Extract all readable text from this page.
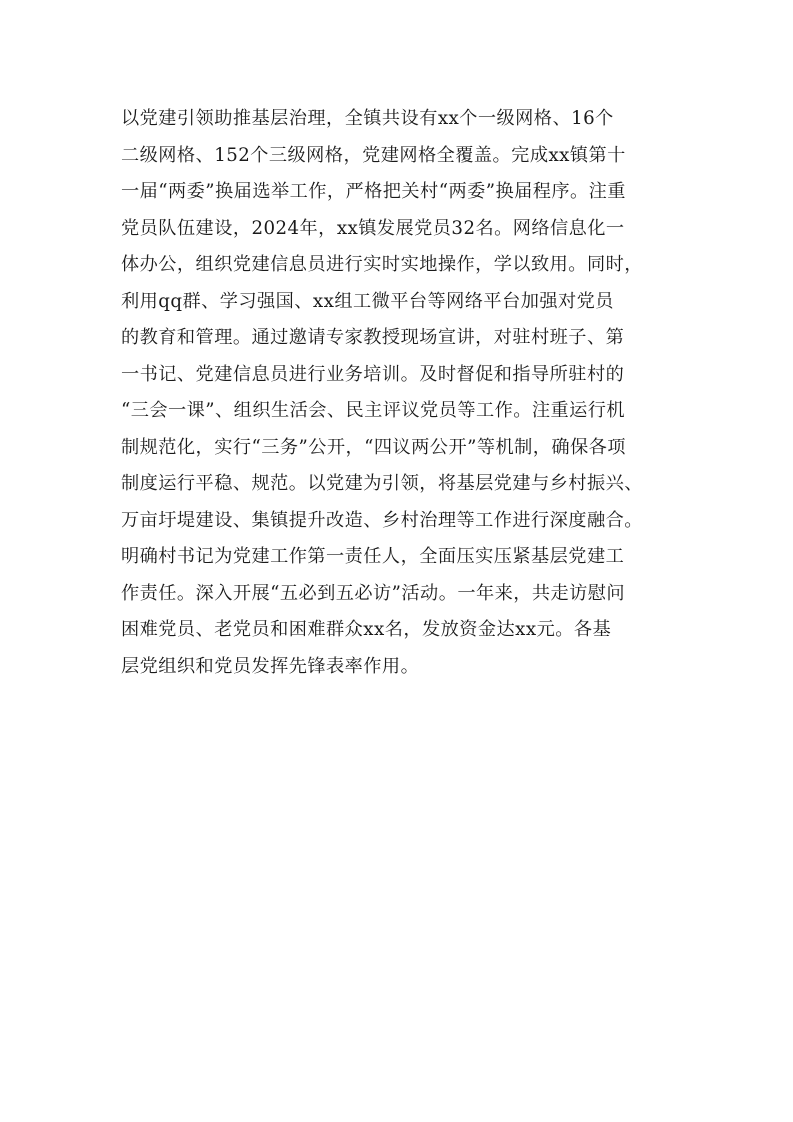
以党建引领助推基层治理，全镇共设有xx个一级网格、16个
二级网格、152个三级网格，党建网格全覆盖。完成xx镇第十
一届“两委”换届选举工作，严格把关村“两委”换届程序。注重
党员队伍建设，2024年，xx镇发展党员32名。网络信息化一
体办公，组织党建信息员进行实时实地操作，学以致用。同时，
利用qq群、学习强国、xx组工微平台等网络平台加强对党员
的教育和管理。通过邀请专家教授现场宣讲，对驻村班子、第
一书记、党建信息员进行业务培训。及时督促和指导所驻村的
“三会一课”、组织生活会、民主评议党员等工作。注重运行机
制规范化，实行“三务”公开，“四议两公开”等机制，确保各项
制度运行平稳、规范。以党建为引领，将基层党建与乡村振兴、
万亩圩堤建设、集镇提升改造、乡村治理等工作进行深度融合。
明确村书记为党建工作第一责任人，全面压实压紧基层党建工
作责任。深入开展“五必到五必访”活动。一年来，共走访慰问
困难党员、老党员和困难群众xx名，发放资金达xx元。各基
层党组织和党员发挥先锋表率作用。
